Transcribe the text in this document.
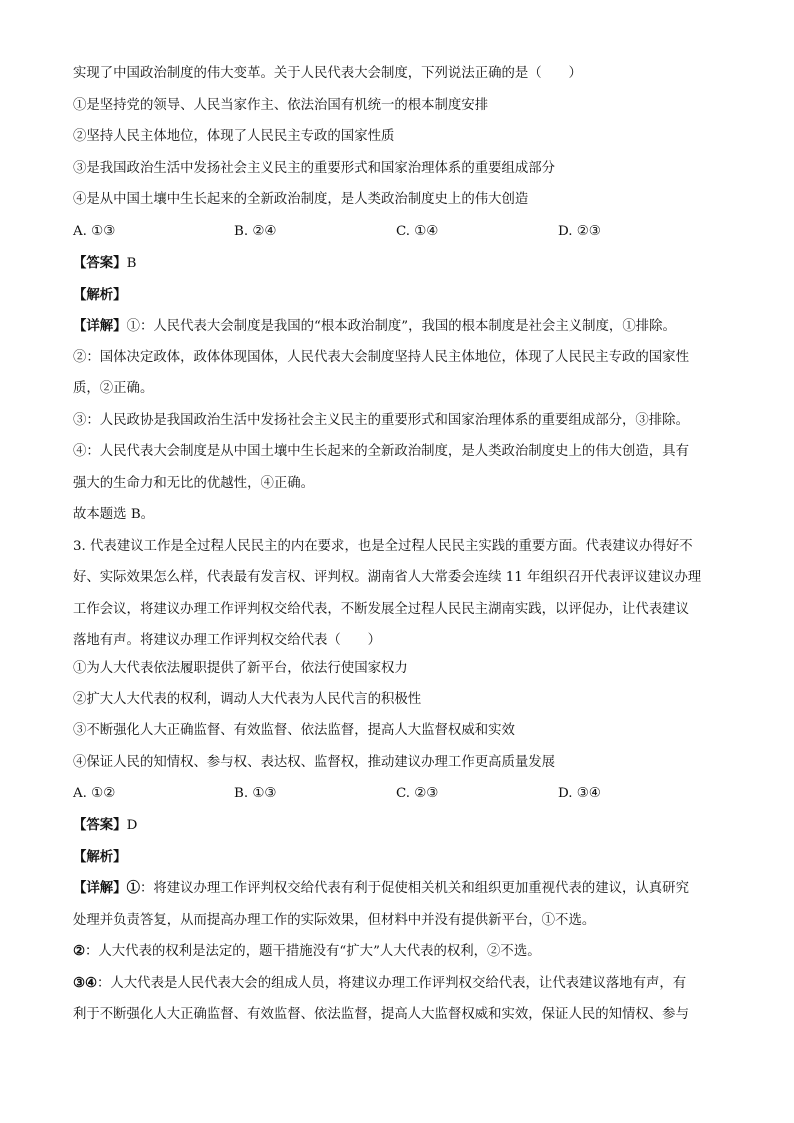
实现了中国政治制度的伟大变革。关于人民代表大会制度，下列说法正确的是（　　）
①是坚持党的领导、人民当家作主、依法治国有机统一的根本制度安排
②坚持人民主体地位，体现了人民民主专政的国家性质
③是我国政治生活中发扬社会主义民主的重要形式和国家治理体系的重要组成部分
④是从中国土壤中生长起来的全新政治制度，是人类政治制度史上的伟大创造
A. ①③	B. ②④	C. ①④	D. ②③
【答案】B
【解析】
【详解】①：人民代表大会制度是我国的“根本政治制度”，我国的根本制度是社会主义制度，①排除。
②：国体决定政体，政体体现国体，人民代表大会制度坚持人民主体地位，体现了人民民主专政的国家性
质，②正确。
③：人民政协是我国政治生活中发扬社会主义民主的重要形式和国家治理体系的重要组成部分，③排除。
④：人民代表大会制度是从中国土壤中生长起来的全新政治制度，是人类政治制度史上的伟大创造，具有
强大的生命力和无比的优越性，④正确。
故本题选 B。
3. 代表建议工作是全过程人民民主的内在要求，也是全过程人民民主实践的重要方面。代表建议办得好不
好、实际效果怎么样，代表最有发言权、评判权。湖南省人大常委会连续 11 年组织召开代表评议建议办理
工作会议，将建议办理工作评判权交给代表，不断发展全过程人民民主湖南实践，以评促办，让代表建议
落地有声。将建议办理工作评判权交给代表（　　）
①为人大代表依法履职提供了新平台，依法行使国家权力
②扩大人大代表的权利，调动人大代表为人民代言的积极性
③不断强化人大正确监督、有效监督、依法监督，提高人大监督权威和实效
④保证人民的知情权、参与权、表达权、监督权，推动建议办理工作更高质量发展
A. ①②	B. ①③	C. ②③	D. ③④
【答案】D
【解析】
【详解】①：将建议办理工作评判权交给代表有利于促使相关机关和组织更加重视代表的建议，认真研究
处理并负责答复，从而提高办理工作的实际效果，但材料中并没有提供新平台，①不选。
②：人大代表的权利是法定的，题干措施没有“扩大”人大代表的权利，②不选。
③④：人大代表是人民代表大会的组成人员，将建议办理工作评判权交给代表，让代表建议落地有声，有
利于不断强化人大正确监督、有效监督、依法监督，提高人大监督权威和实效，保证人民的知情权、参与
